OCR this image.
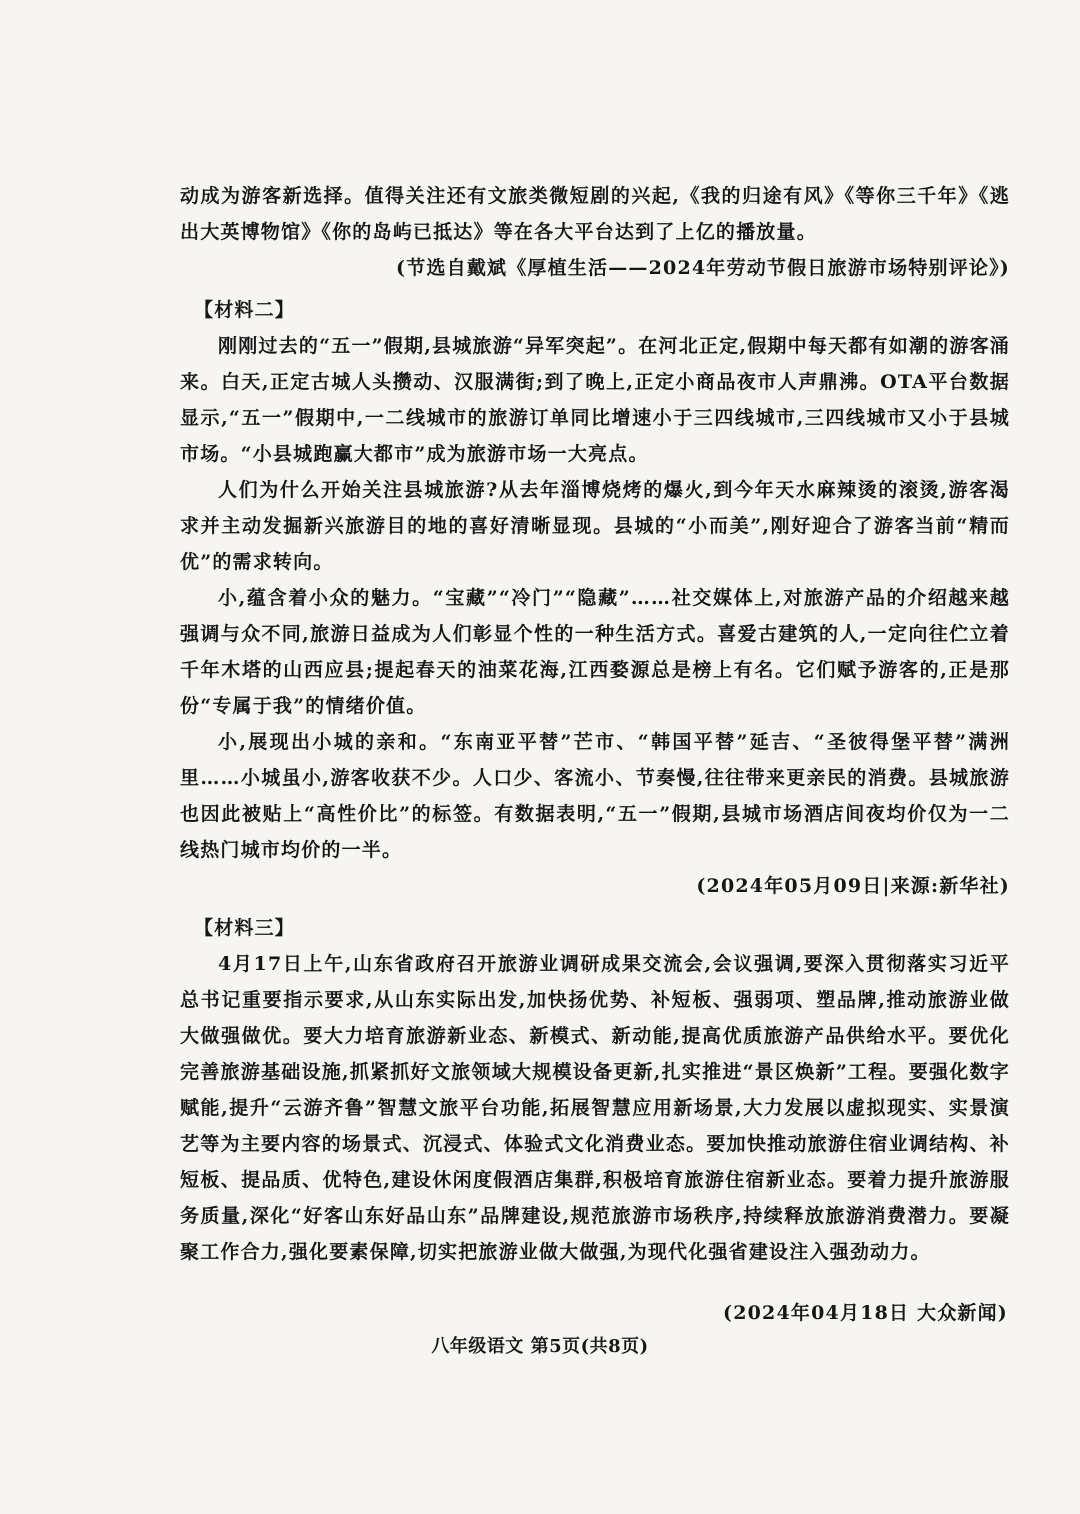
动成为游客新选择。值得关注还有文旅类微短剧的兴起,《我的归途有风》《等你三千年》《逃出大英博物馆》《你的岛屿已抵达》等在各大平台达到了上亿的播放量。

(节选自戴斌《厚植生活——2024年劳动节假日旅游市场特别评论》)

【材料二】

刚刚过去的“五一”假期,县城旅游“异军突起”。在河北正定,假期中每天都有如潮的游客涌来。白天,正定古城人头攒动、汉服满街;到了晚上,正定小商品夜市人声鼎沸。OTA平台数据显示,“五一”假期中,一二线城市的旅游订单同比增速小于三四线城市,三四线城市又小于县城市场。“小县城跑赢大都市”成为旅游市场一大亮点。

人们为什么开始关注县城旅游?从去年淄博烧烤的爆火,到今年天水麻辣烫的滚烫,游客渴求并主动发掘新兴旅游目的地的喜好清晰显现。县城的“小而美”,刚好迎合了游客当前“精而优”的需求转向。

小,蕴含着小众的魅力。“宝藏”“冷门”“隐藏”……社交媒体上,对旅游产品的介绍越来越强调与众不同,旅游日益成为人们彰显个性的一种生活方式。喜爱古建筑的人,一定向往伫立着千年木塔的山西应县;提起春天的油菜花海,江西婺源总是榜上有名。它们赋予游客的,正是那份“专属于我”的情绪价值。

小,展现出小城的亲和。“东南亚平替”芒市、“韩国平替”延吉、“圣彼得堡平替”满洲里……小城虽小,游客收获不少。人口少、客流小、节奏慢,往往带来更亲民的消费。县城旅游也因此被贴上“高性价比”的标签。有数据表明,“五一”假期,县城市场酒店间夜均价仅为一二线热门城市均价的一半。

(2024年05月09日|来源:新华社)

【材料三】

4月17日上午,山东省政府召开旅游业调研成果交流会,会议强调,要深入贯彻落实习近平总书记重要指示要求,从山东实际出发,加快扬优势、补短板、强弱项、塑品牌,推动旅游业做大做强做优。要大力培育旅游新业态、新模式、新动能,提高优质旅游产品供给水平。要优化完善旅游基础设施,抓紧抓好文旅领域大规模设备更新,扎实推进“景区焕新”工程。要强化数字赋能,提升“云游齐鲁”智慧文旅平台功能,拓展智慧应用新场景,大力发展以虚拟现实、实景演艺等为主要内容的场景式、沉浸式、体验式文化消费业态。要加快推动旅游住宿业调结构、补短板、提品质、优特色,建设休闲度假酒店集群,积极培育旅游住宿新业态。要着力提升旅游服务质量,深化“好客山东好品山东”品牌建设,规范旅游市场秩序,持续释放旅游消费潜力。要凝聚工作合力,强化要素保障,切实把旅游业做大做强,为现代化强省建设注入强劲动力。

(2024年04月18日 大众新闻)
八年级语文 第5页(共8页)
